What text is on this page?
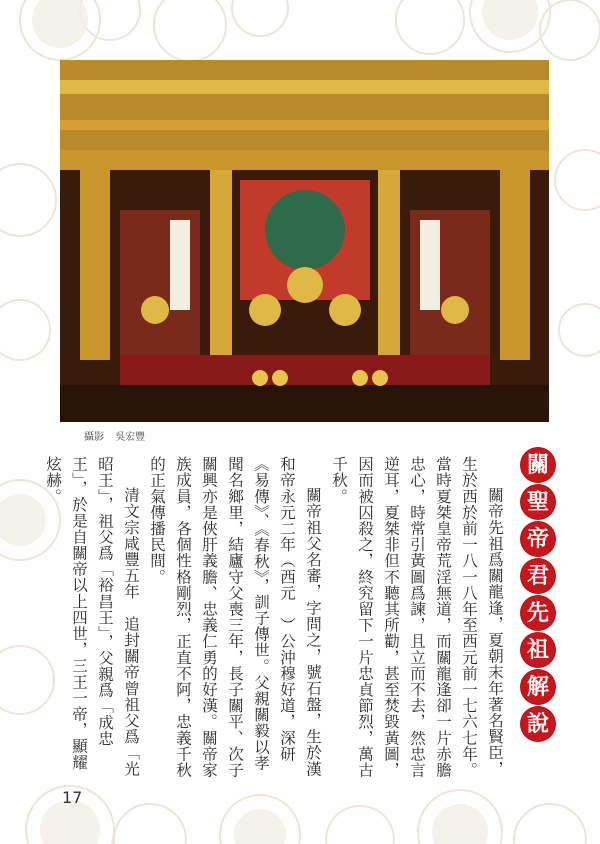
攝影 吳宏豐
關
聖
帝
君
先
祖
解
說

關帝先祖爲關龍逢，夏朝末年著名賢臣，生於西於前一八一八年至西元前一七六七年。當時夏桀皇帝荒淫無道，而關龍逢卻一片赤膽忠心，時常引黃圖爲諫，且立而不去，然忠言逆耳，夏桀非但不聽其所勸，甚至焚毀黃圖，因而被囚殺之，終究留下一片忠貞節烈，萬古千秋。

關帝祖父名審，字問之，號石盤，生於漢和帝永元二年（西元　）公沖穆好道，深研《易傳》、《春秋》，訓子傳世。父親關毅以孝聞名鄉里，結廬守父喪三年，長子關平、次子關興亦是俠肝義膽、忠義仁勇的好漢。關帝家族成員，各個性格剛烈，正直不阿，忠義千秋的正氣傳播民間。

清文宗咸豐五年　追封關帝曾祖父爲「光昭王」，祖父爲「裕昌王」，父親爲「成忠王」，於是自關帝以上四世，三王一帝，顯耀炫赫。

17
